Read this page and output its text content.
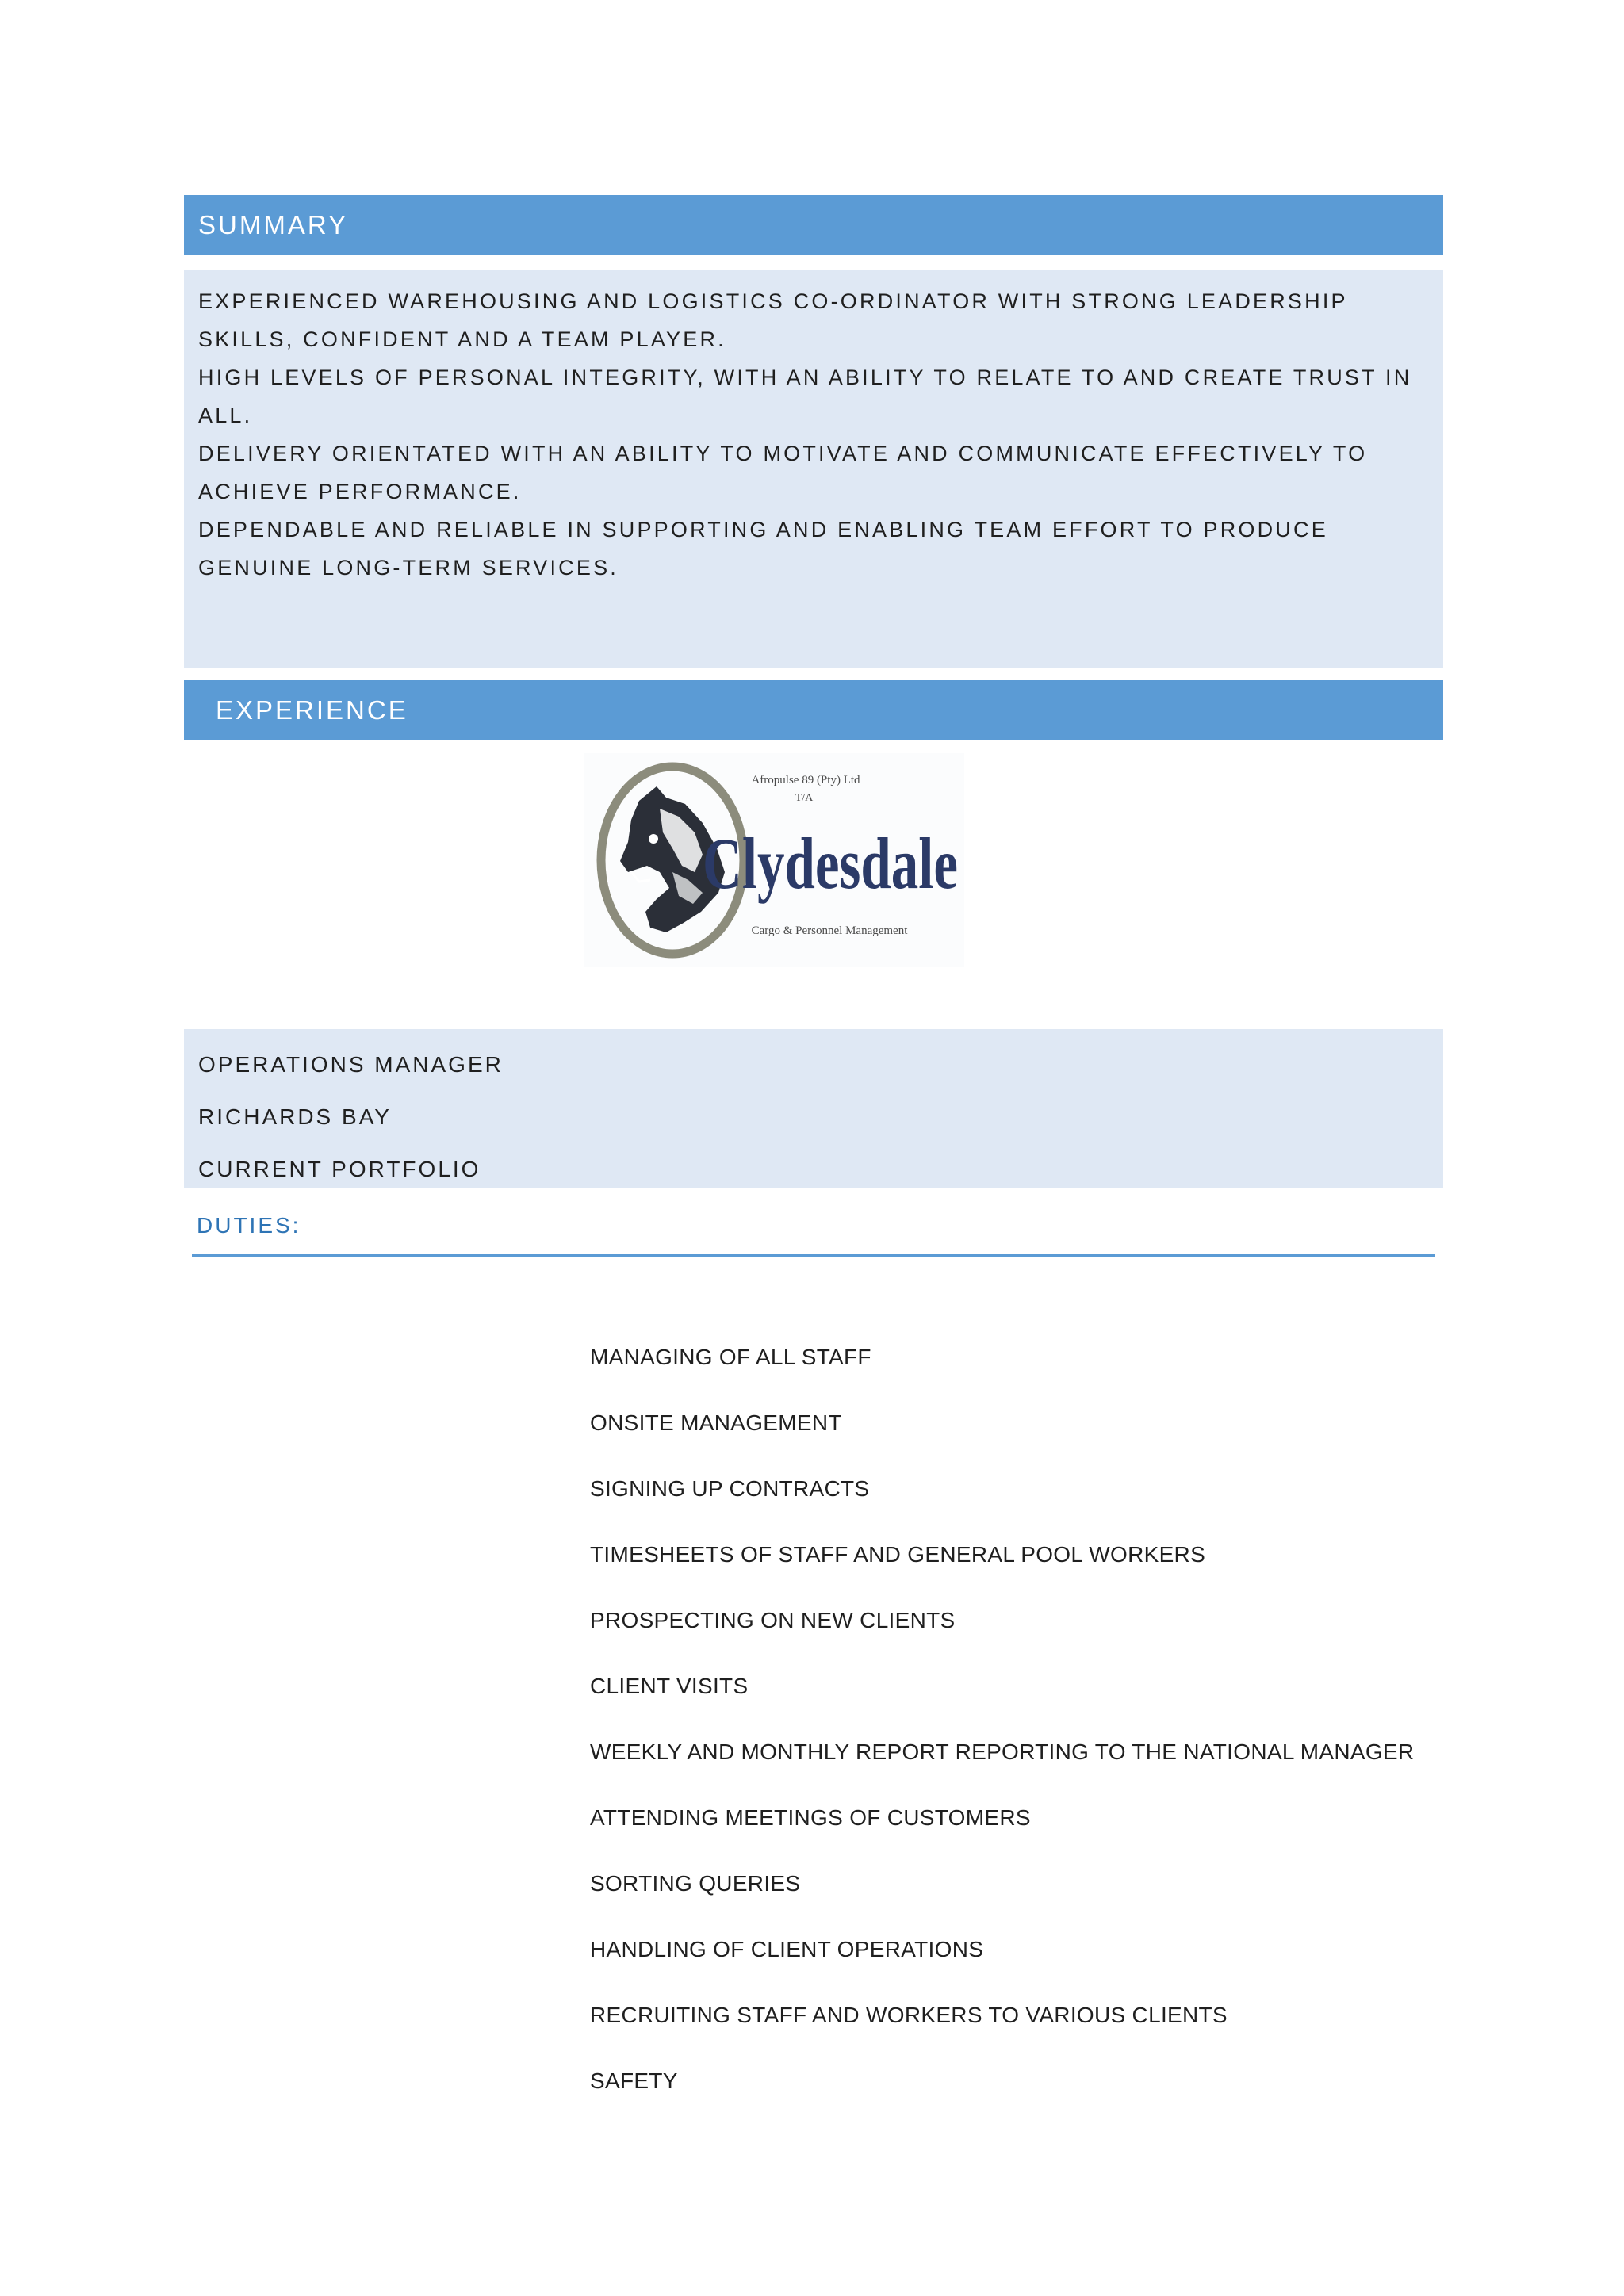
SUMMARY

EXPERIENCED WAREHOUSING AND LOGISTICS CO-ORDINATOR WITH STRONG LEADERSHIP
SKILLS, CONFIDENT AND A TEAM PLAYER.
HIGH LEVELS OF PERSONAL INTEGRITY, WITH AN ABILITY TO RELATE TO AND CREATE TRUST IN
ALL.
DELIVERY ORIENTATED WITH AN ABILITY TO MOTIVATE AND COMMUNICATE EFFECTIVELY TO
ACHIEVE PERFORMANCE.
DEPENDABLE AND RELIABLE IN SUPPORTING AND ENABLING TEAM EFFORT TO PRODUCE
GENUINE LONG-TERM SERVICES.

EXPERIENCE
Afropulse 89 (Pty) Ltd
T/A
Clydesdale
Cargo & Personnel Management
OPERATIONS MANAGER
RICHARDS BAY
CURRENT PORTFOLIO
DUTIES:
MANAGING OF ALL STAFF
ONSITE MANAGEMENT
SIGNING UP CONTRACTS
TIMESHEETS OF STAFF AND GENERAL POOL WORKERS
PROSPECTING ON NEW CLIENTS
CLIENT VISITS
WEEKLY AND MONTHLY REPORT REPORTING TO THE NATIONAL MANAGER
ATTENDING MEETINGS OF CUSTOMERS
SORTING QUERIES
HANDLING OF CLIENT OPERATIONS
RECRUITING STAFF AND WORKERS TO VARIOUS CLIENTS
SAFETY
